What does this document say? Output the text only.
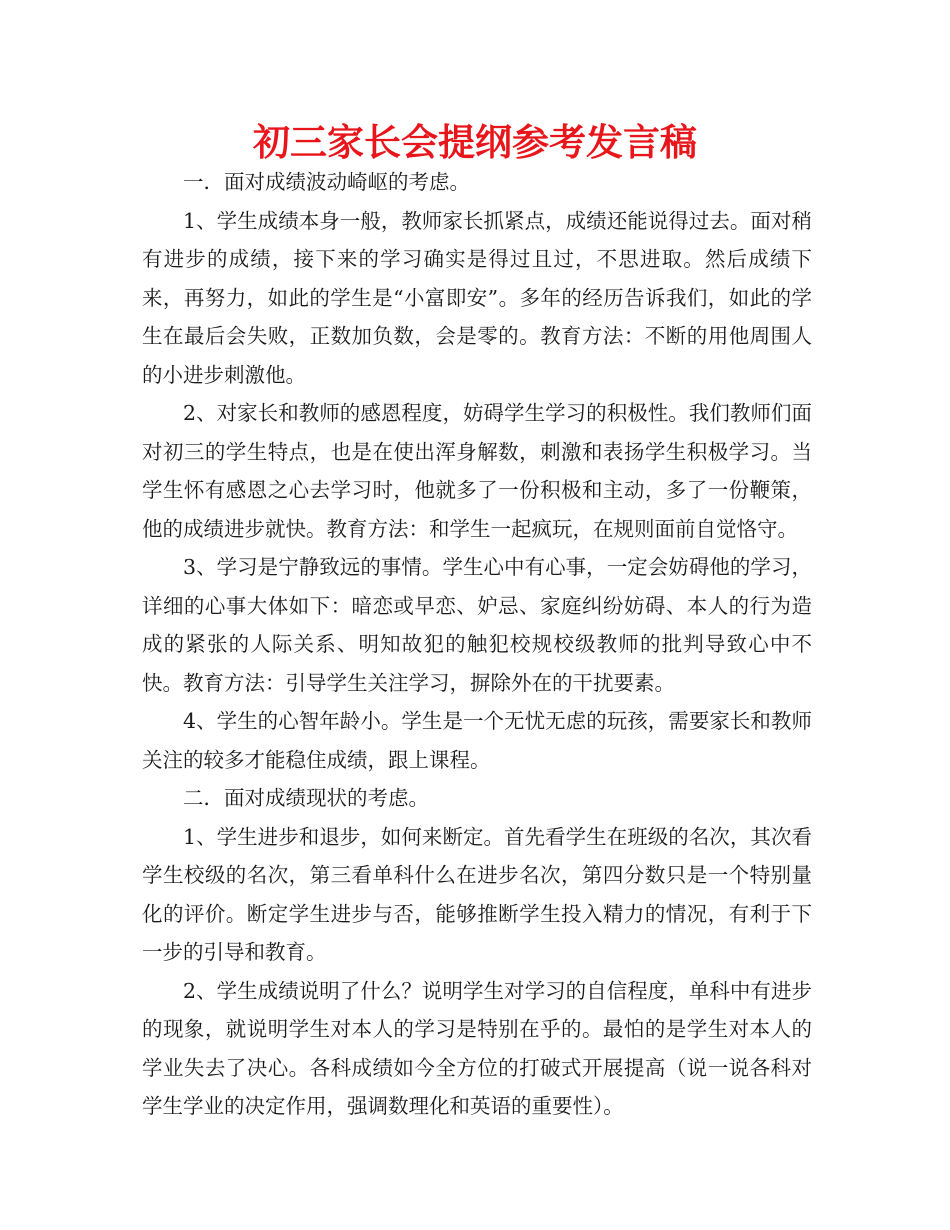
初三家长会提纲参考发言稿

一．面对成绩波动崎岖的考虑。

1、学生成绩本身一般，教师家长抓紧点，成绩还能说得过去。面对稍有进步的成绩，接下来的学习确实是得过且过，不思进取。然后成绩下来，再努力，如此的学生是“小富即安”。多年的经历告诉我们，如此的学生在最后会失败，正数加负数，会是零的。教育方法：不断的用他周围人的小进步刺激他。

2、对家长和教师的感恩程度，妨碍学生学习的积极性。我们教师们面对初三的学生特点，也是在使出浑身解数，刺激和表扬学生积极学习。当学生怀有感恩之心去学习时，他就多了一份积极和主动，多了一份鞭策，他的成绩进步就快。教育方法：和学生一起疯玩，在规则面前自觉恪守。

3、学习是宁静致远的事情。学生心中有心事，一定会妨碍他的学习，详细的心事大体如下：暗恋或早恋、妒忌、家庭纠纷妨碍、本人的行为造成的紧张的人际关系、明知故犯的触犯校规校级教师的批判导致心中不快。教育方法：引导学生关注学习，摒除外在的干扰要素。

4、学生的心智年龄小。学生是一个无忧无虑的玩孩，需要家长和教师关注的较多才能稳住成绩，跟上课程。

二．面对成绩现状的考虑。

1、学生进步和退步，如何来断定。首先看学生在班级的名次，其次看学生校级的名次，第三看单科什么在进步名次，第四分数只是一个特别量化的评价。断定学生进步与否，能够推断学生投入精力的情况，有利于下一步的引导和教育。

2、学生成绩说明了什么？说明学生对学习的自信程度，单科中有进步的现象，就说明学生对本人的学习是特别在乎的。最怕的是学生对本人的学业失去了决心。各科成绩如今全方位的打破式开展提高（说一说各科对学生学业的决定作用，强调数理化和英语的重要性）。
